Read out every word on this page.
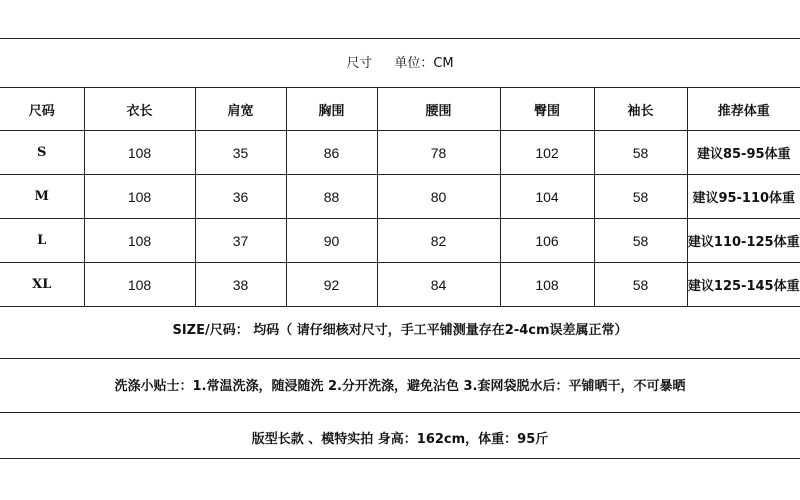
尺寸 单位：CM
尺码	衣长	肩宽	胸围	腰围	臀围	袖长	推荐体重
S	108	35	86	78	102	58	建议85-95体重
M	108	36	88	80	104	58	建议95-110体重
L	108	37	90	82	106	58	建议110-125体重
XL	108	38	92	84	108	58	建议125-145体重
SIZE/尺码： 均码（ 请仔细核对尺寸，手工平铺测量存在2-4cm误差属正常）
洗涤小贴士：1.常温洗涤，随浸随洗 2.分开洗涤，避免沾色 3.套网袋脱水后：平铺晒干，不可暴晒
版型长款 、模特实拍 身高：162cm，体重：95斤
